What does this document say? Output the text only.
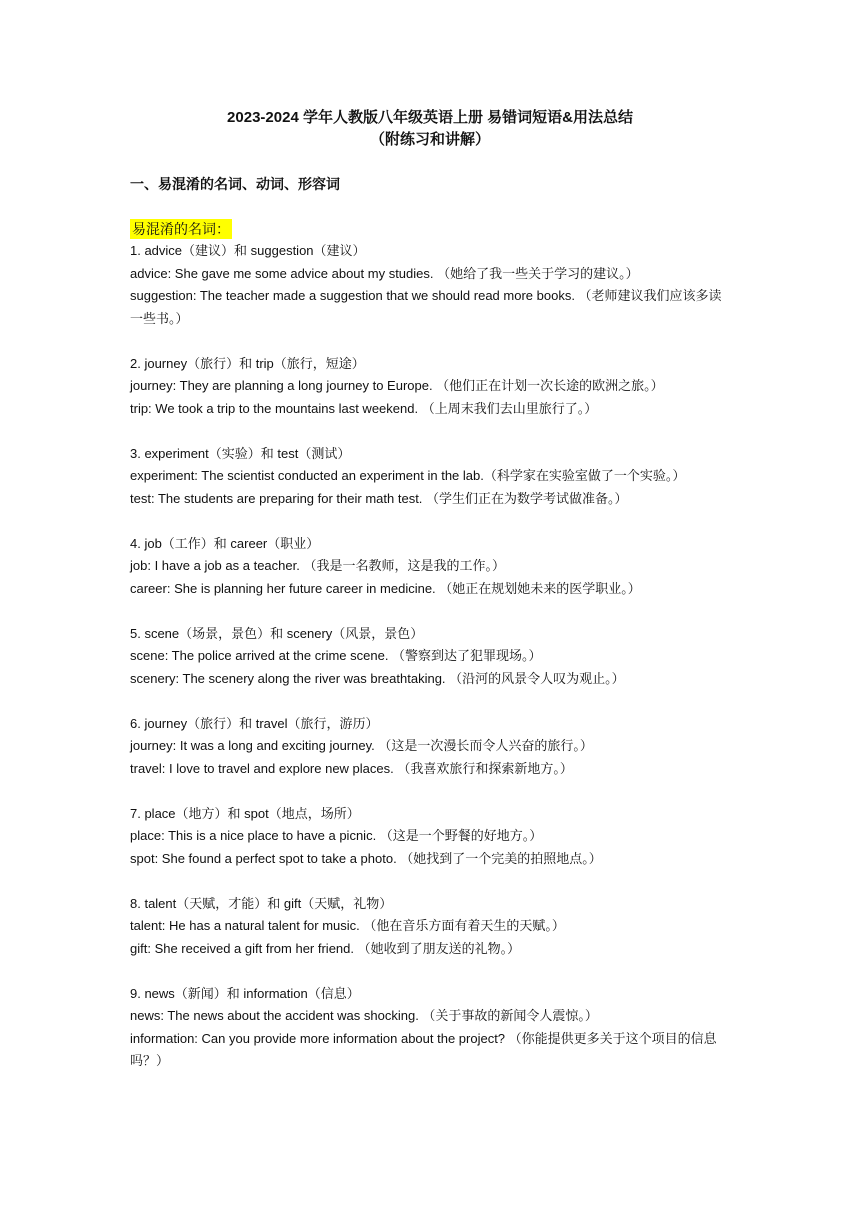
2023-2024 学年人教版八年级英语上册 易错词短语&用法总结
（附练习和讲解）
一、易混淆的名词、动词、形容词
易混淆的名词：
1. advice（建议）和 suggestion（建议）
advice: She gave me some advice about my studies. （她给了我一些关于学习的建议。）
suggestion: The teacher made a suggestion that we should read more books. （老师建议我们应该多读一些书。）
2. journey（旅行）和 trip（旅行，短途）
journey: They are planning a long journey to Europe. （他们正在计划一次长途的欧洲之旅。）
trip: We took a trip to the mountains last weekend. （上周末我们去山里旅行了。）
3. experiment（实验）和 test（测试）
experiment: The scientist conducted an experiment in the lab.（科学家在实验室做了一个实验。）
test: The students are preparing for their math test. （学生们正在为数学考试做准备。）
4. job（工作）和 career（职业）
job: I have a job as a teacher. （我是一名教师，这是我的工作。）
career: She is planning her future career in medicine. （她正在规划她未来的医学职业。）
5. scene（场景，景色）和 scenery（风景，景色）
scene: The police arrived at the crime scene. （警察到达了犯罪现场。）
scenery: The scenery along the river was breathtaking. （沿河的风景令人叹为观止。）
6. journey（旅行）和 travel（旅行，游历）
journey: It was a long and exciting journey. （这是一次漫长而令人兴奋的旅行。）
travel: I love to travel and explore new places. （我喜欢旅行和探索新地方。）
7. place（地方）和 spot（地点，场所）
place: This is a nice place to have a picnic. （这是一个野餐的好地方。）
spot: She found a perfect spot to take a photo. （她找到了一个完美的拍照地点。）
8. talent（天赋，才能）和 gift（天赋，礼物）
talent: He has a natural talent for music. （他在音乐方面有着天生的天赋。）
gift: She received a gift from her friend. （她收到了朋友送的礼物。）
9. news（新闻）和 information（信息）
news: The news about the accident was shocking. （关于事故的新闻令人震惊。）
information: Can you provide more information about the project? （你能提供更多关于这个项目的信息吗？）
